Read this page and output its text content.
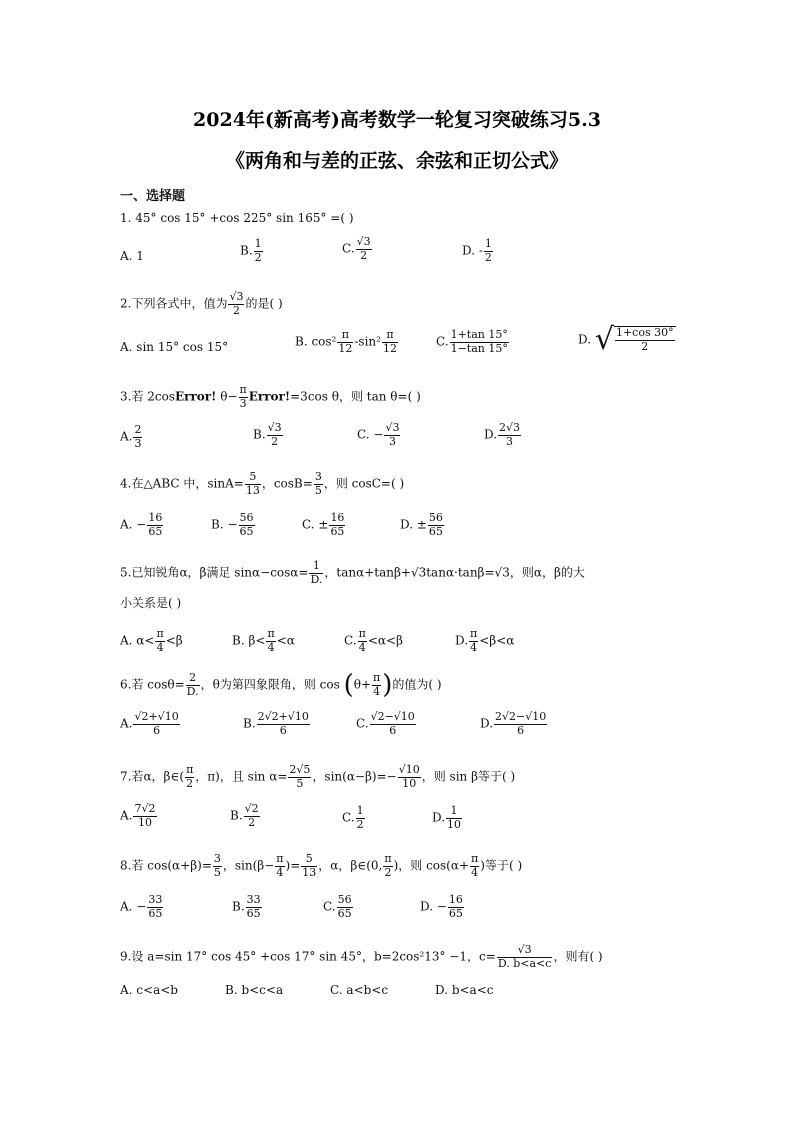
2024年(新高考)高考数学一轮复习突破练习5.3
《两角和与差的正弦、余弦和正切公式》
一、选择题
1. 45° cos 15° +cos 225° sin 165° =( )
A. 1	B. $\frac{1}{2}$	C. $\frac{√3}{2}$	D. - $\frac{1}{2}$
2.下列各式中，值为 $\frac{√3}{2}$ 的是( )
A. sin 15° cos 15°	B. $\cos^2 \frac{\pi}{12} -\sin^2 \frac{\pi}{12}$	C. $\frac{1+\tan 15^\circ}{1-\tan 15^\circ}$	D. √ $\frac{1+\cos 30^\circ}{2}$
3.若 2cosError! $\theta- \frac{\pi}{3}$ Error!=3cos θ，则 tan θ=( )
A. $\frac{2}{3}$	B. $\frac{√3}{2}$	C. − $\frac{√3}{3}$	D. $\frac{2√3}{3}$
4.在△ABC 中，$\sin A= \frac{5}{13}$ ，$\cos B= \frac{3}{5}$ ，则 cosC=( )
A. − $\frac{16}{65}$	B. − $\frac{56}{65}$	C. ± $\frac{16}{65}$	D. ± $\frac{56}{65}$
5.已知锐角α，β满足 $\sin\alpha-\cos\alpha= \frac{1}{D.}$ ，tanα+tanβ+√3tanα·tanβ=√3，则α，β的大
小关系是( )
A. $\alpha< \frac{\pi}{4} <\beta$	B. $\beta< \frac{\pi}{4} <\alpha$	C. $\frac{\pi}{4} <\alpha<\beta$	D. $\frac{\pi}{4} <\beta<\alpha$
6.若 $\cos\theta= \frac{2}{D.}$ ，θ为第四象限角，则 $\cos (\theta+ \frac{\pi}{4}$ )的值为( )
A. $\frac{√2+√10}{6}$	B. $\frac{2√2+√10}{6}$	C. $\frac{√2-√10}{6}$	D. $\frac{2√2-√10}{6}$
7.若α，β∈( $\frac{\pi}{2}$ ，π)，且 $\sin \alpha= \frac{2√5}{5}$ ，$\sin(\alpha-\beta)=- \frac{√10}{10}$ ，则 sin β等于( )
A. $\frac{7√2}{10}$	B. $\frac{√2}{2}$	C. $\frac{1}{2}$	D. $\frac{1}{10}$
8.若 $\cos(\alpha+\beta)= \frac{3}{5}$ ，$\sin(\beta- \frac{\pi}{4}$ )= $\frac{5}{13}$ ，α，β∈(0, $\frac{\pi}{2}$ )，则 $\cos(\alpha+ \frac{\pi}{4}$ )等于( )
A. − $\frac{33}{65}$	B. $\frac{33}{65}$	C. $\frac{56}{65}$	D. − $\frac{16}{65}$
9.设 a=sin 17° cos 45° +cos 17° sin 45°，b=2cos²13° −1，$c= \frac{√3}{D. b<a<c}$ ，则有( )
A. c<a<b	B. b<c<a	C. a<b<c	D. b<a<c
